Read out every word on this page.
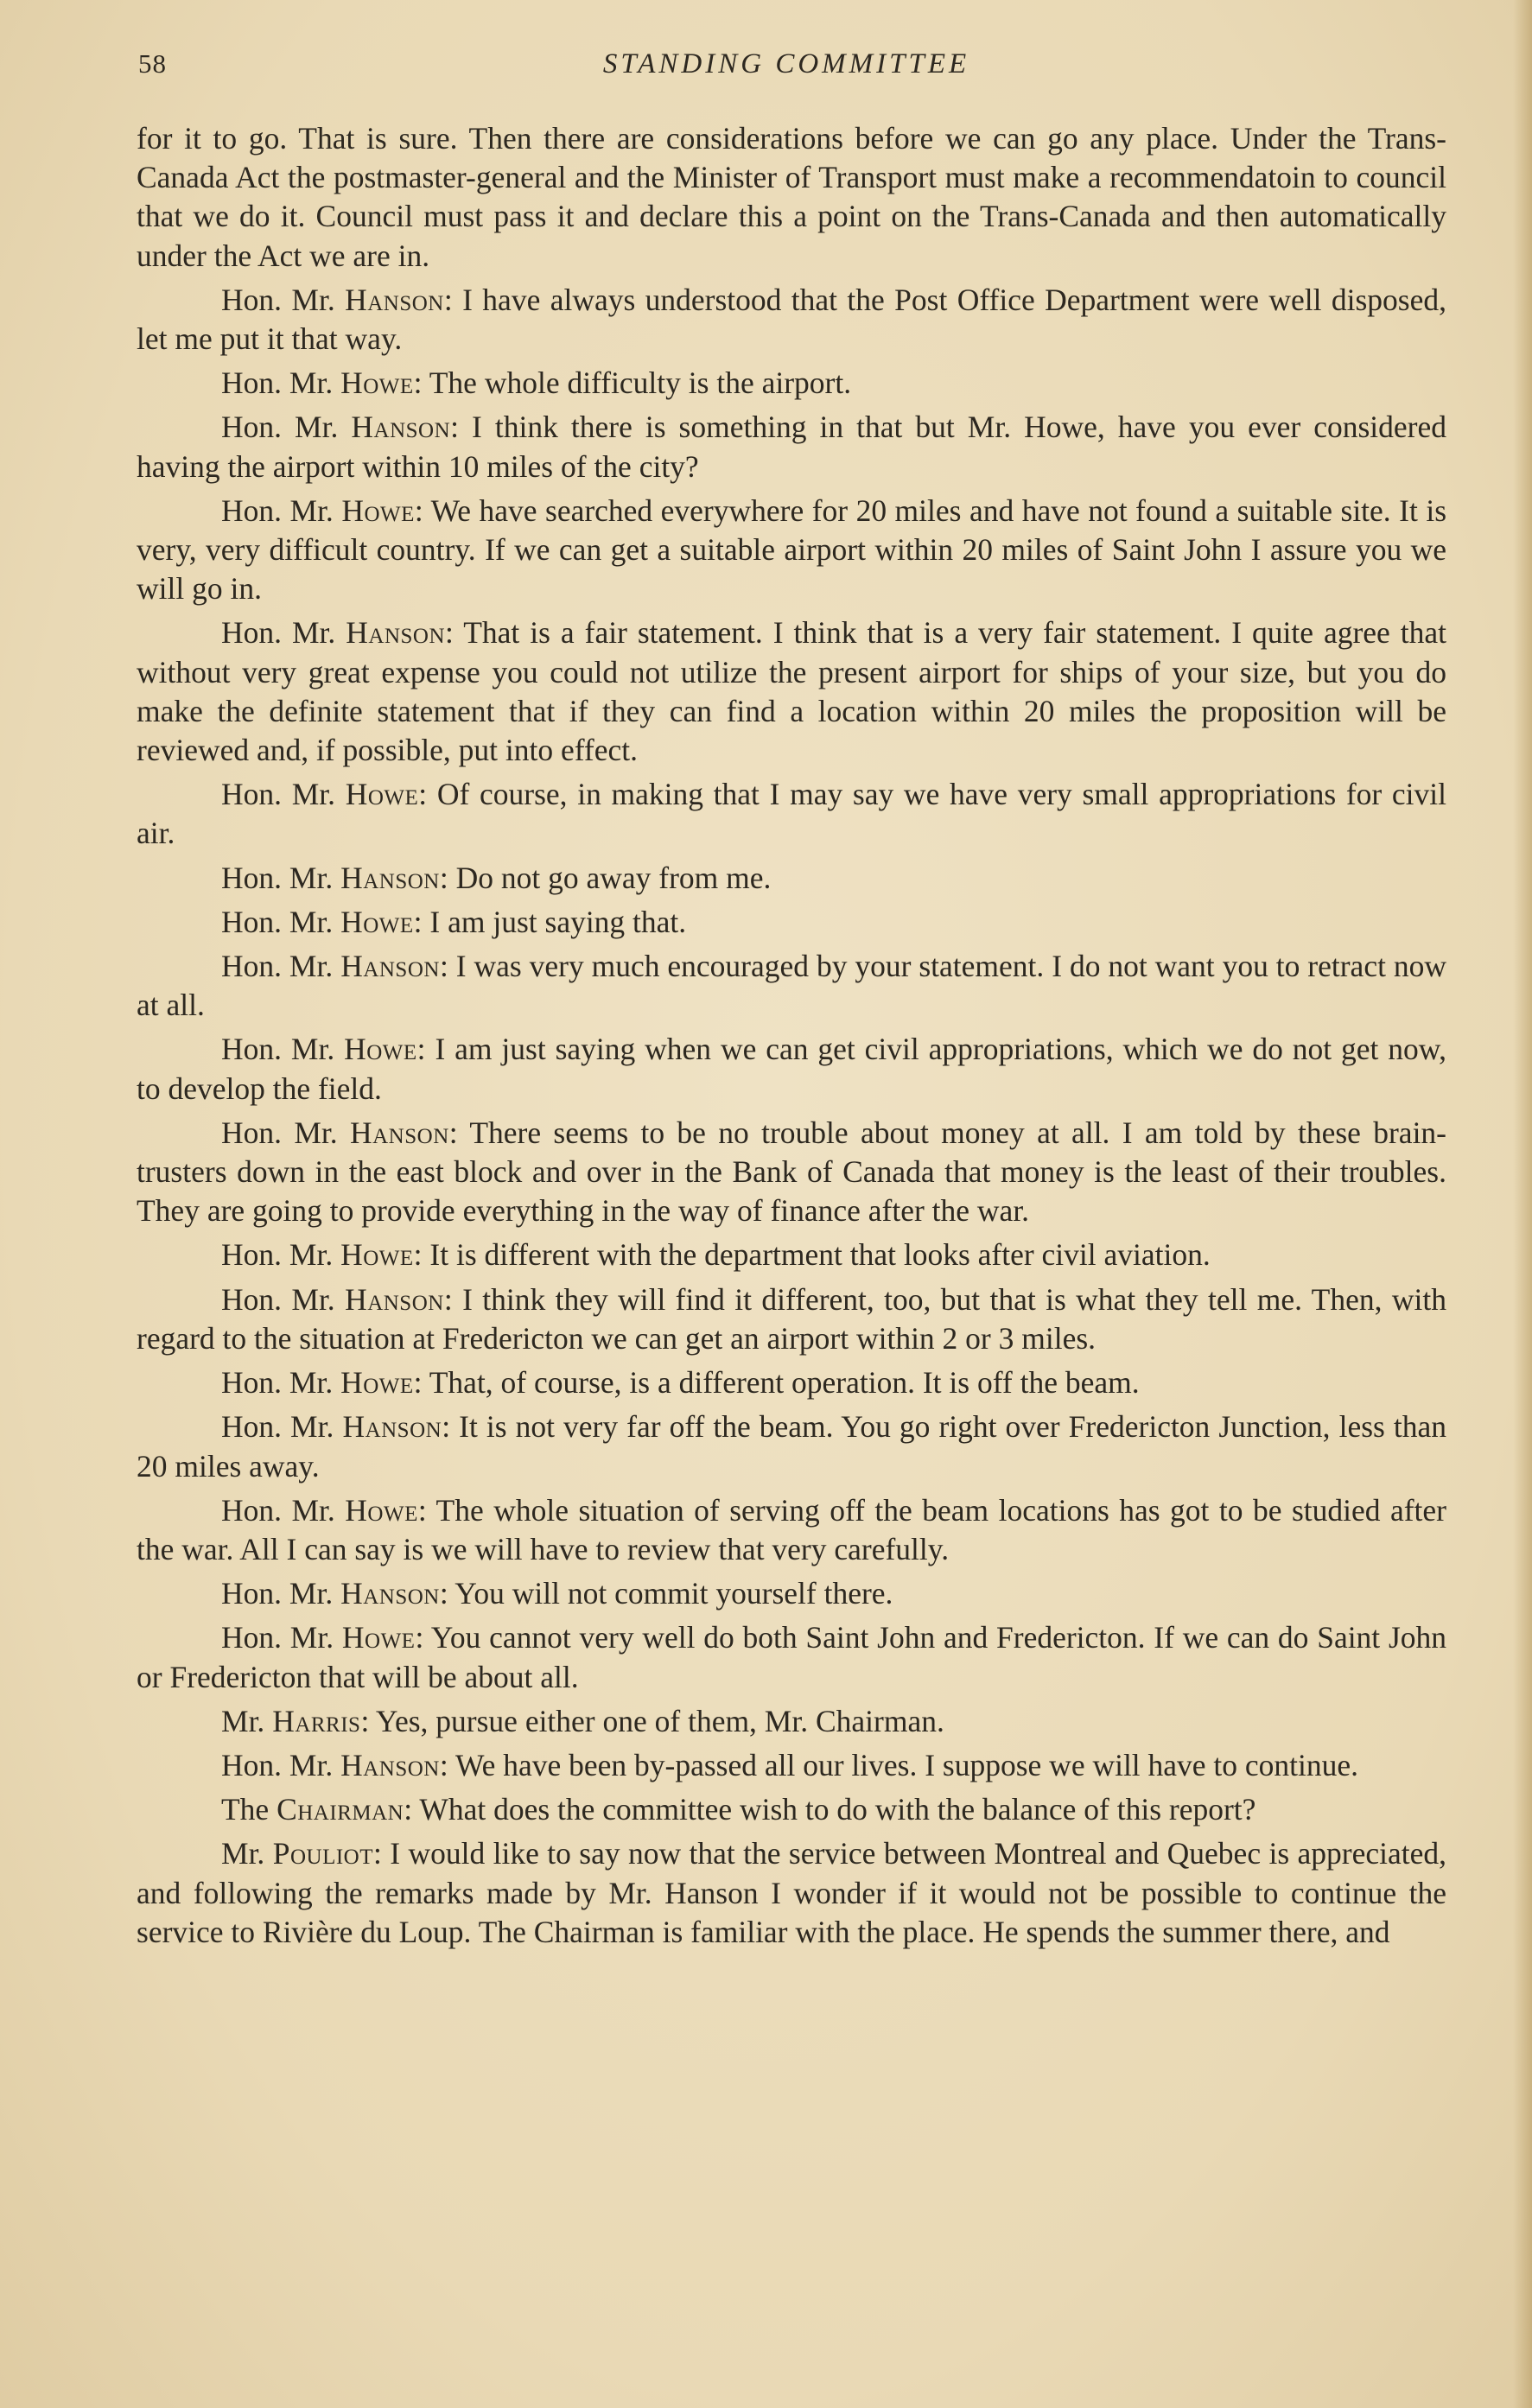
58	STANDING COMMITTEE

for it to go. That is sure. Then there are considerations before we can go any place. Under the Trans-Canada Act the postmaster-general and the Minister of Transport must make a recommendatoin to council that we do it. Council must pass it and declare this a point on the Trans-Canada and then automatically under the Act we are in.

Hon. Mr. Hanson: I have always understood that the Post Office Department were well disposed, let me put it that way.

Hon. Mr. Howe: The whole difficulty is the airport.

Hon. Mr. Hanson: I think there is something in that but Mr. Howe, have you ever considered having the airport within 10 miles of the city?

Hon. Mr. Howe: We have searched everywhere for 20 miles and have not found a suitable site. It is very, very difficult country. If we can get a suitable airport within 20 miles of Saint John I assure you we will go in.

Hon. Mr. Hanson: That is a fair statement. I think that is a very fair statement. I quite agree that without very great expense you could not utilize the present airport for ships of your size, but you do make the definite statement that if they can find a location within 20 miles the proposition will be reviewed and, if possible, put into effect.

Hon. Mr. Howe: Of course, in making that I may say we have very small appropriations for civil air.

Hon. Mr. Hanson: Do not go away from me.

Hon. Mr. Howe: I am just saying that.

Hon. Mr. Hanson: I was very much encouraged by your statement. I do not want you to retract now at all.

Hon. Mr. Howe: I am just saying when we can get civil appropriations, which we do not get now, to develop the field.

Hon. Mr. Hanson: There seems to be no trouble about money at all. I am told by these brain-trusters down in the east block and over in the Bank of Canada that money is the least of their troubles. They are going to provide everything in the way of finance after the war.

Hon. Mr. Howe: It is different with the department that looks after civil aviation.

Hon. Mr. Hanson: I think they will find it different, too, but that is what they tell me. Then, with regard to the situation at Fredericton we can get an airport within 2 or 3 miles.

Hon. Mr. Howe: That, of course, is a different operation. It is off the beam.

Hon. Mr. Hanson: It is not very far off the beam. You go right over Fredericton Junction, less than 20 miles away.

Hon. Mr. Howe: The whole situation of serving off the beam locations has got to be studied after the war. All I can say is we will have to review that very carefully.

Hon. Mr. Hanson: You will not commit yourself there.

Hon. Mr. Howe: You cannot very well do both Saint John and Fredericton. If we can do Saint John or Fredericton that will be about all.

Mr. Harris: Yes, pursue either one of them, Mr. Chairman.

Hon. Mr. Hanson: We have been by-passed all our lives. I suppose we will have to continue.

The Chairman: What does the committee wish to do with the balance of this report?

Mr. Pouliot: I would like to say now that the service between Montreal and Quebec is appreciated, and following the remarks made by Mr. Hanson I wonder if it would not be possible to continue the service to Rivière du Loup. The Chairman is familiar with the place. He spends the summer there, and
